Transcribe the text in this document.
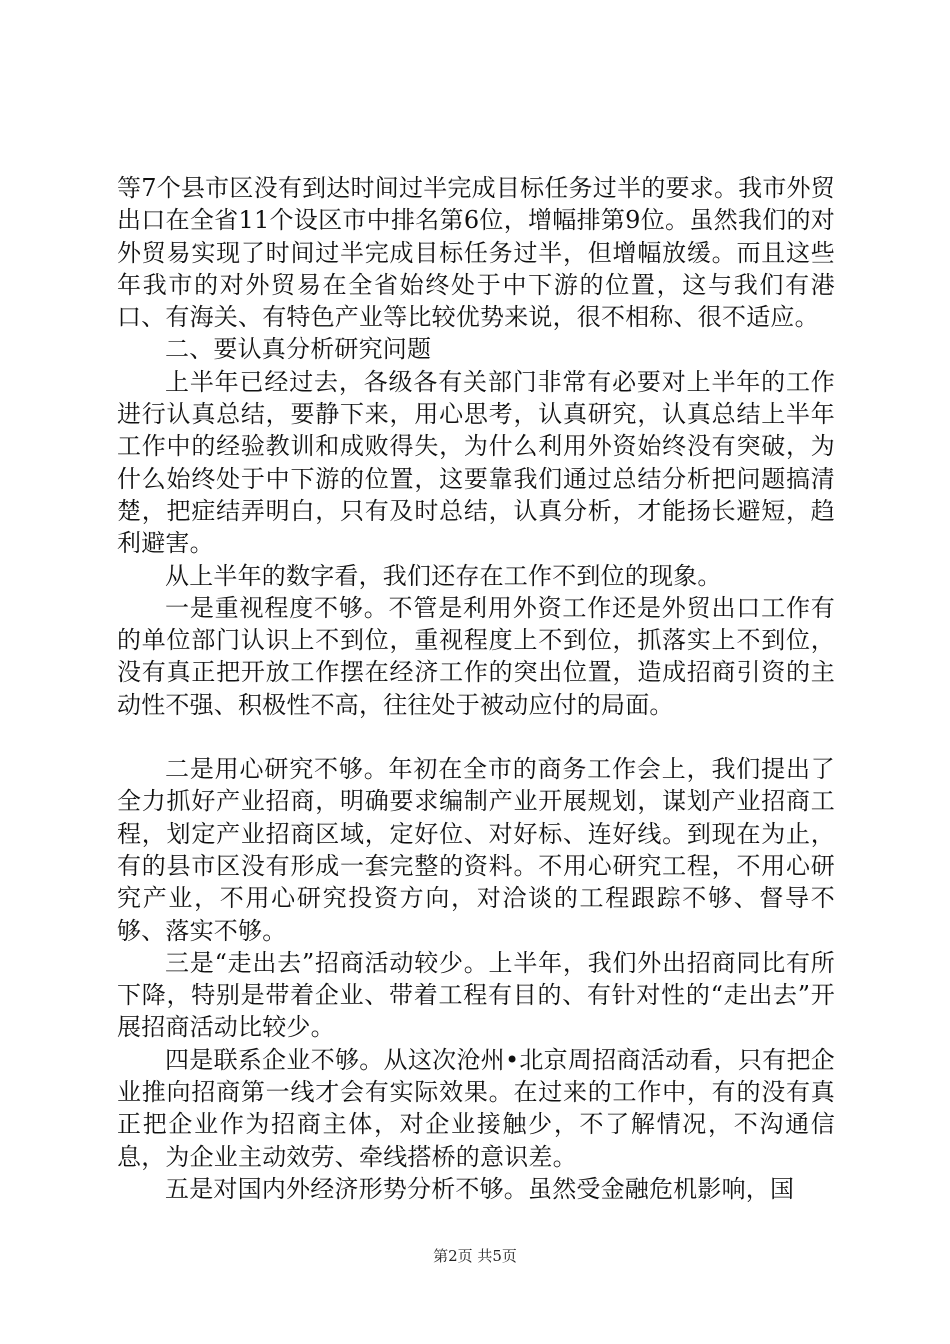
等7个县市区没有到达时间过半完成目标任务过半的要求。我市外贸出口在全省11个设区市中排名第6位，增幅排第9位。虽然我们的对外贸易实现了时间过半完成目标任务过半，但增幅放缓。而且这些年我市的对外贸易在全省始终处于中下游的位置，这与我们有港口、有海关、有特色产业等比较优势来说，很不相称、很不适应。

二、要认真分析研究问题

上半年已经过去，各级各有关部门非常有必要对上半年的工作进行认真总结，要静下来，用心思考，认真研究，认真总结上半年工作中的经验教训和成败得失，为什么利用外资始终没有突破，为什么始终处于中下游的位置，这要靠我们通过总结分析把问题搞清楚，把症结弄明白，只有及时总结，认真分析，才能扬长避短，趋利避害。

从上半年的数字看，我们还存在工作不到位的现象。

一是重视程度不够。不管是利用外资工作还是外贸出口工作有的单位部门认识上不到位，重视程度上不到位，抓落实上不到位，没有真正把开放工作摆在经济工作的突出位置，造成招商引资的主动性不强、积极性不高，往往处于被动应付的局面。

二是用心研究不够。年初在全市的商务工作会上，我们提出了全力抓好产业招商，明确要求编制产业开展规划，谋划产业招商工程，划定产业招商区域，定好位、对好标、连好线。到现在为止，有的县市区没有形成一套完整的资料。不用心研究工程，不用心研究产业，不用心研究投资方向，对洽谈的工程跟踪不够、督导不够、落实不够。

三是“走出去”招商活动较少。上半年，我们外出招商同比有所下降，特别是带着企业、带着工程有目的、有针对性的“走出去”开展招商活动比较少。

四是联系企业不够。从这次沧州•北京周招商活动看，只有把企业推向招商第一线才会有实际效果。在过来的工作中，有的没有真正把企业作为招商主体，对企业接触少，不了解情况，不沟通信息，为企业主动效劳、牵线搭桥的意识差。

五是对国内外经济形势分析不够。虽然受金融危机影响，国

第2页 共5页
